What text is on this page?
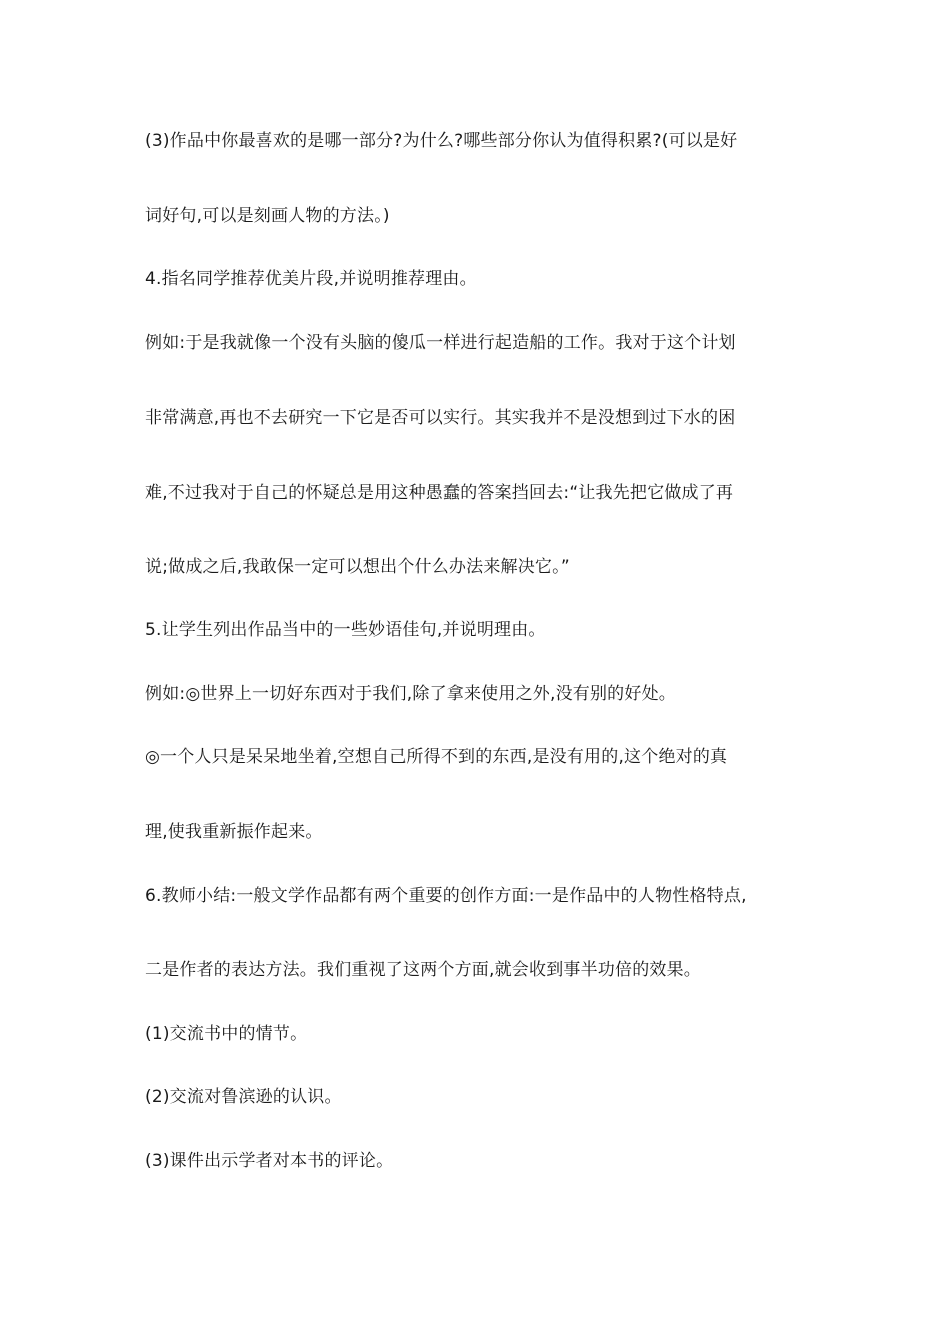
(3)作品中你最喜欢的是哪一部分?为什么?哪些部分你认为值得积累?(可以是好
词好句,可以是刻画人物的方法。)
4.指名同学推荐优美片段,并说明推荐理由。
例如:于是我就像一个没有头脑的傻瓜一样进行起造船的工作。我对于这个计划
非常满意,再也不去研究一下它是否可以实行。其实我并不是没想到过下水的困
难,不过我对于自己的怀疑总是用这种愚蠢的答案挡回去:“让我先把它做成了再
说;做成之后,我敢保一定可以想出个什么办法来解决它。”
5.让学生列出作品当中的一些妙语佳句,并说明理由。
例如:◎世界上一切好东西对于我们,除了拿来使用之外,没有别的好处。
◎一个人只是呆呆地坐着,空想自己所得不到的东西,是没有用的,这个绝对的真
理,使我重新振作起来。
6.教师小结:一般文学作品都有两个重要的创作方面:一是作品中的人物性格特点,
二是作者的表达方法。我们重视了这两个方面,就会收到事半功倍的效果。
(1)交流书中的情节。
(2)交流对鲁滨逊的认识。
(3)课件出示学者对本书的评论。
